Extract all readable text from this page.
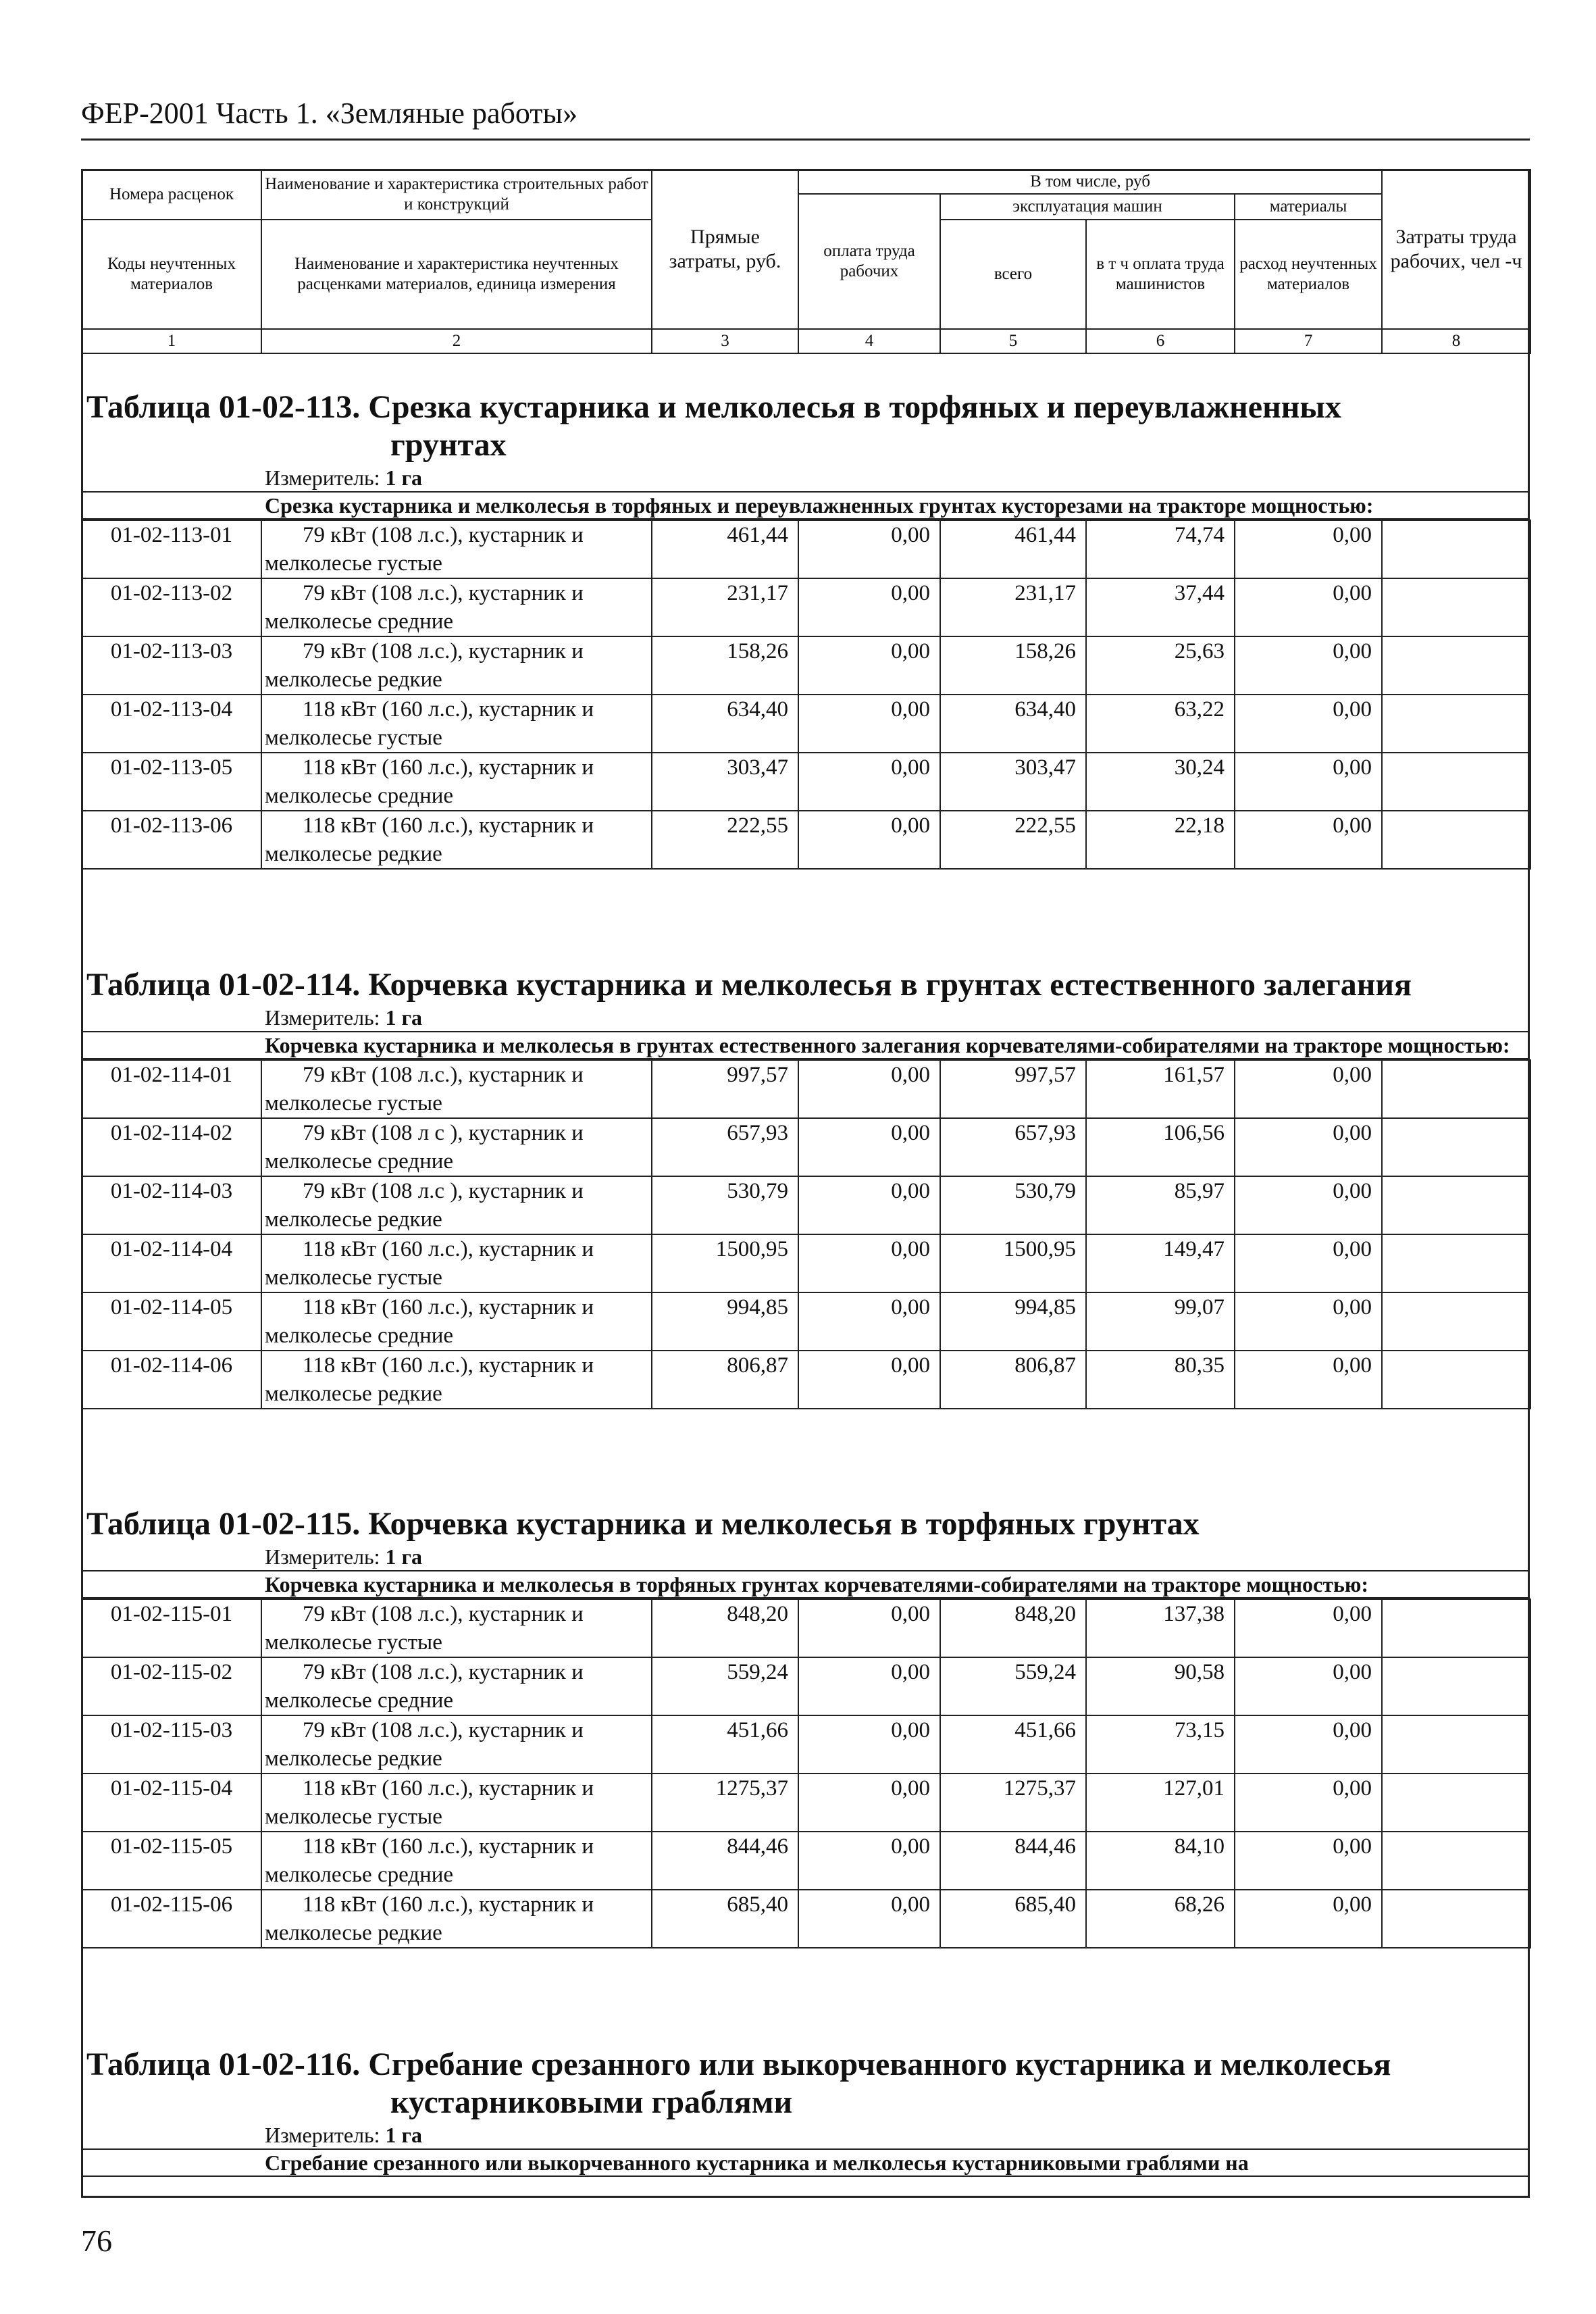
ФЕР-2001 Часть 1. «Земляные работы»
Номера расценок	Наименование и характеристика строительных работ и конструкций	Прямые затраты, руб.	В том числе, руб				Затраты труда рабочих, чел -ч
			оплата труда рабочих	эксплуатация машин		материалы	
Коды неучтенных материалов	Наименование и характеристика неучтенных расценками материалов, единица измерения			всего	в т ч оплата труда машинистов	расход неучтенных материалов	
1	2	3	4	5	6	7	8
Таблица 01-02-113. Срезка кустарника и мелколесья в торфяных и переувлажненных
грунтах
Измеритель: 1 га
Срезка кустарника и мелколесья в торфяных и переувлажненных грунтах кусторезами на тракторе мощностью:
01-02-113-01	79 кВт (108 л.с.), кустарник и
мелколесье густые	461,44	0,00	461,44	74,74	0,00	
01-02-113-02	79 кВт (108 л.с.), кустарник и
мелколесье средние	231,17	0,00	231,17	37,44	0,00	
01-02-113-03	79 кВт (108 л.с.), кустарник и
мелколесье редкие	158,26	0,00	158,26	25,63	0,00	
01-02-113-04	118 кВт (160 л.с.), кустарник и
мелколесье густые	634,40	0,00	634,40	63,22	0,00	
01-02-113-05	118 кВт (160 л.с.), кустарник и
мелколесье средние	303,47	0,00	303,47	30,24	0,00	
01-02-113-06	118 кВт (160 л.с.), кустарник и
мелколесье редкие	222,55	0,00	222,55	22,18	0,00	
Таблица 01-02-114. Корчевка кустарника и мелколесья в грунтах естественного залегания
Измеритель: 1 га
Корчевка кустарника и мелколесья в грунтах естественного залегания корчевателями-собирателями на тракторе мощностью:
01-02-114-01	79 кВт (108 л.с.), кустарник и
мелколесье густые	997,57	0,00	997,57	161,57	0,00	
01-02-114-02	79 кВт (108 л с ), кустарник и
мелколесье средние	657,93	0,00	657,93	106,56	0,00	
01-02-114-03	79 кВт (108 л.с ), кустарник и
мелколесье редкие	530,79	0,00	530,79	85,97	0,00	
01-02-114-04	118 кВт (160 л.с.), кустарник и
мелколесье густые	1500,95	0,00	1500,95	149,47	0,00	
01-02-114-05	118 кВт (160 л.с.), кустарник и
мелколесье средние	994,85	0,00	994,85	99,07	0,00	
01-02-114-06	118 кВт (160 л.с.), кустарник и
мелколесье редкие	806,87	0,00	806,87	80,35	0,00	
Таблица 01-02-115. Корчевка кустарника и мелколесья в торфяных грунтах
Измеритель: 1 га
Корчевка кустарника и мелколесья в торфяных грунтах корчевателями-собирателями на тракторе мощностью:
01-02-115-01	79 кВт (108 л.с.), кустарник и
мелколесье густые	848,20	0,00	848,20	137,38	0,00	
01-02-115-02	79 кВт (108 л.с.), кустарник и
мелколесье средние	559,24	0,00	559,24	90,58	0,00	
01-02-115-03	79 кВт (108 л.с.), кустарник и
мелколесье редкие	451,66	0,00	451,66	73,15	0,00	
01-02-115-04	118 кВт (160 л.с.), кустарник и
мелколесье густые	1275,37	0,00	1275,37	127,01	0,00	
01-02-115-05	118 кВт (160 л.с.), кустарник и
мелколесье средние	844,46	0,00	844,46	84,10	0,00	
01-02-115-06	118 кВт (160 л.с.), кустарник и
мелколесье редкие	685,40	0,00	685,40	68,26	0,00	
Таблица 01-02-116. Сгребание срезанного или выкорчеванного кустарника и мелколесья
кустарниковыми граблями
Измеритель: 1 га
Сгребание срезанного или выкорчеванного кустарника и мелколесья кустарниковыми граблями на
76
